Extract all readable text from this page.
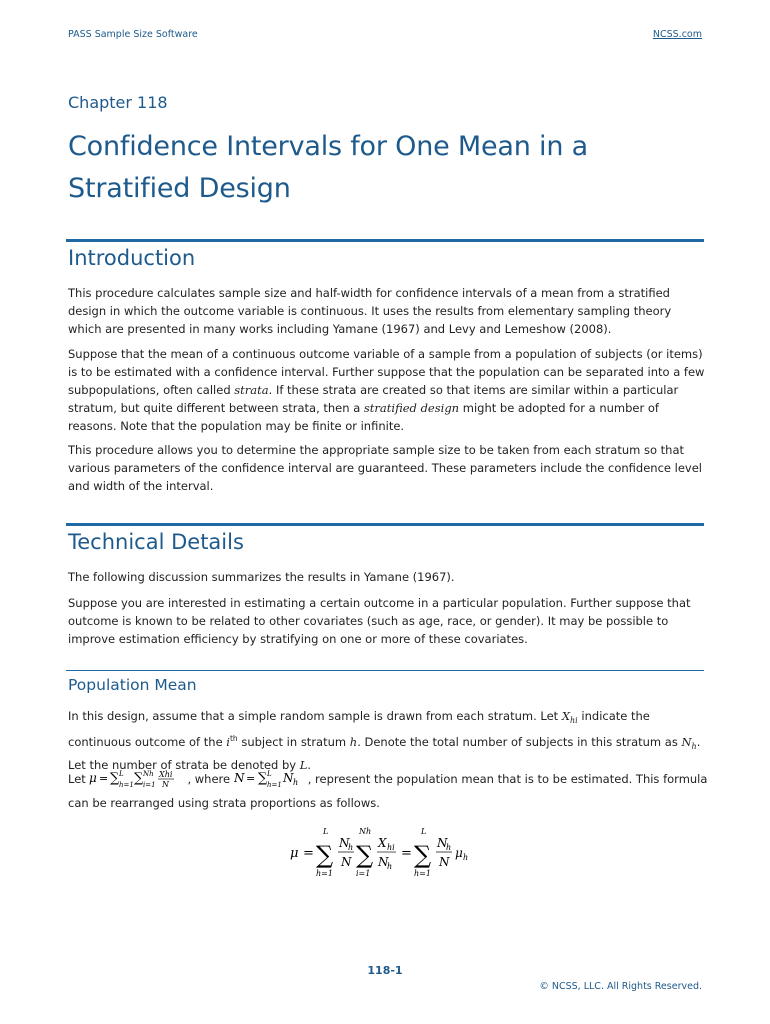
PASS Sample Size Software	NCSS.com
Chapter 118
Confidence Intervals for One Mean in a Stratified Design
Introduction
This procedure calculates sample size and half-width for confidence intervals of a mean from a stratified design in which the outcome variable is continuous. It uses the results from elementary sampling theory which are presented in many works including Yamane (1967) and Levy and Lemeshow (2008).
Suppose that the mean of a continuous outcome variable of a sample from a population of subjects (or items) is to be estimated with a confidence interval. Further suppose that the population can be separated into a few subpopulations, often called strata. If these strata are created so that items are similar within a particular stratum, but quite different between strata, then a stratified design might be adopted for a number of reasons. Note that the population may be finite or infinite.
This procedure allows you to determine the appropriate sample size to be taken from each stratum so that various parameters of the confidence interval are guaranteed. These parameters include the confidence level and width of the interval.
Technical Details
The following discussion summarizes the results in Yamane (1967).
Suppose you are interested in estimating a certain outcome in a particular population. Further suppose that outcome is known to be related to other covariates (such as age, race, or gender). It may be possible to improve estimation efficiency by stratifying on one or more of these covariates.
Population Mean
In this design, assume that a simple random sample is drawn from each stratum. Let $X_{hi}$ indicate the continuous outcome of the $i^{th}$ subject in stratum h. Denote the total number of subjects in this stratum as $N_h$. Let the number of strata be denoted by L.
Let μ = ∑ L
h=1 ∑ Nh
i=1
Xhi
N , where N = ∑ L
h=1 N h , represent the population mean that is to be estimated. This formula can be rearranged using strata proportions as follows.
μ =
L
∑
h=1
N
h
N
Nh
∑
i=1
X hi
N
h
=
L
∑
h=1
N
h
N
μ h
118-1
© NCSS, LLC. All Rights Reserved.
